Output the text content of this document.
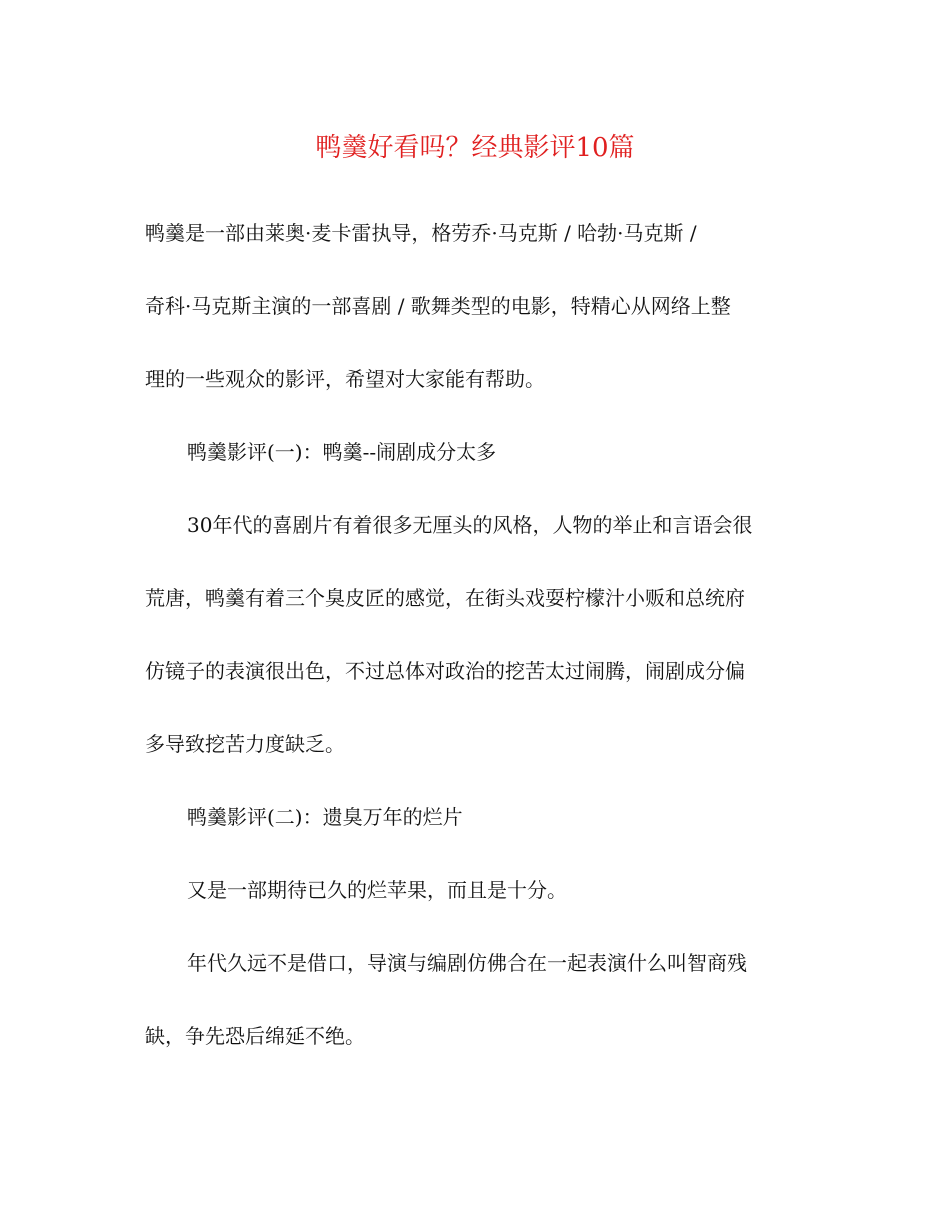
鸭羹好看吗？经典影评10篇

鸭羹是一部由莱奥·麦卡雷执导，格劳乔·马克斯 / 哈勃·马克斯 /

奇科·马克斯主演的一部喜剧 / 歌舞类型的电影，特精心从网络上整

理的一些观众的影评，希望对大家能有帮助。

鸭羹影评(一)：鸭羹--闹剧成分太多

30年代的喜剧片有着很多无厘头的风格，人物的举止和言语会很

荒唐，鸭羹有着三个臭皮匠的感觉，在街头戏耍柠檬汁小贩和总统府

仿镜子的表演很出色，不过总体对政治的挖苦太过闹腾，闹剧成分偏

多导致挖苦力度缺乏。

鸭羹影评(二)：遗臭万年的烂片

又是一部期待已久的烂苹果，而且是十分。

年代久远不是借口，导演与编剧仿佛合在一起表演什么叫智商残

缺，争先恐后绵延不绝。
